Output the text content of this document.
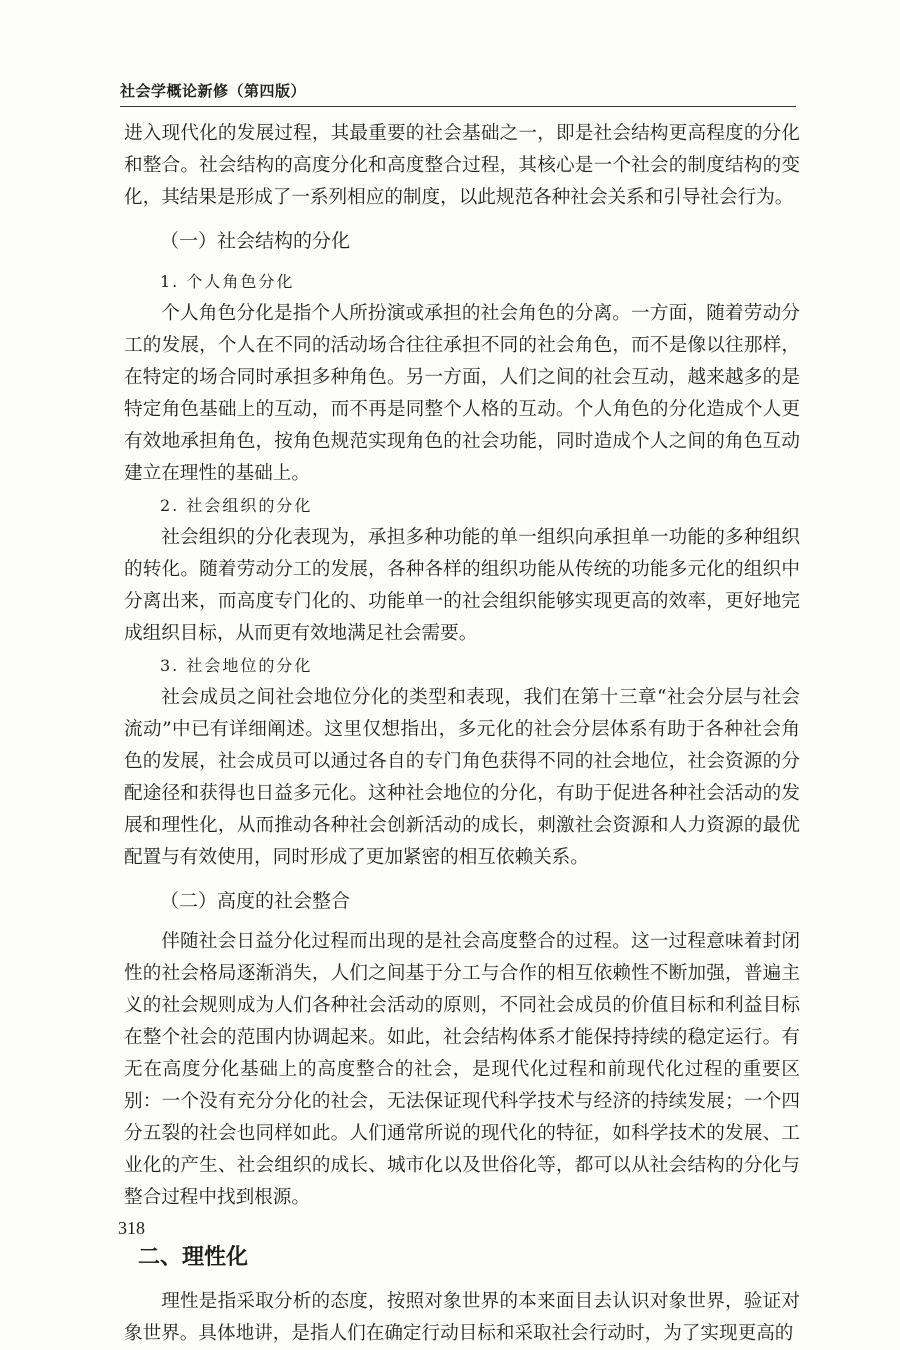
社会学概论新修（第四版）

进入现代化的发展过程，其最重要的社会基础之一，即是社会结构更高程度的分化和整合。社会结构的高度分化和高度整合过程，其核心是一个社会的制度结构的变化，其结果是形成了一系列相应的制度，以此规范各种社会关系和引导社会行为。

（一）社会结构的分化
1. 个人角色分化

个人角色分化是指个人所扮演或承担的社会角色的分离。一方面，随着劳动分工的发展，个人在不同的活动场合往往承担不同的社会角色，而不是像以往那样，在特定的场合同时承担多种角色。另一方面，人们之间的社会互动，越来越多的是特定角色基础上的互动，而不再是同整个人格的互动。个人角色的分化造成个人更有效地承担角色，按角色规范实现角色的社会功能，同时造成个人之间的角色互动建立在理性的基础上。

2. 社会组织的分化

社会组织的分化表现为，承担多种功能的单一组织向承担单一功能的多种组织的转化。随着劳动分工的发展，各种各样的组织功能从传统的功能多元化的组织中分离出来，而高度专门化的、功能单一的社会组织能够实现更高的效率，更好地完成组织目标，从而更有效地满足社会需要。

3. 社会地位的分化

社会成员之间社会地位分化的类型和表现，我们在第十三章“社会分层与社会流动”中已有详细阐述。这里仅想指出，多元化的社会分层体系有助于各种社会角色的发展，社会成员可以通过各自的专门角色获得不同的社会地位，社会资源的分配途径和获得也日益多元化。这种社会地位的分化，有助于促进各种社会活动的发展和理性化，从而推动各种社会创新活动的成长，刺激社会资源和人力资源的最优配置与有效使用，同时形成了更加紧密的相互依赖关系。

（二）高度的社会整合

伴随社会日益分化过程而出现的是社会高度整合的过程。这一过程意味着封闭性的社会格局逐渐消失，人们之间基于分工与合作的相互依赖性不断加强，普遍主义的社会规则成为人们各种社会活动的原则，不同社会成员的价值目标和利益目标在整个社会的范围内协调起来。如此，社会结构体系才能保持持续的稳定运行。有无在高度分化基础上的高度整合的社会，是现代化过程和前现代化过程的重要区别：一个没有充分分化的社会，无法保证现代科学技术与经济的持续发展；一个四分五裂的社会也同样如此。人们通常所说的现代化的特征，如科学技术的发展、工业化的产生、社会组织的成长、城市化以及世俗化等，都可以从社会结构的分化与整合过程中找到根源。

二、理性化

理性是指采取分析的态度，按照对象世界的本来面目去认识对象世界，验证对象世界。具体地讲，是指人们在确定行动目标和采取社会行动时，为了实现更高的

318
